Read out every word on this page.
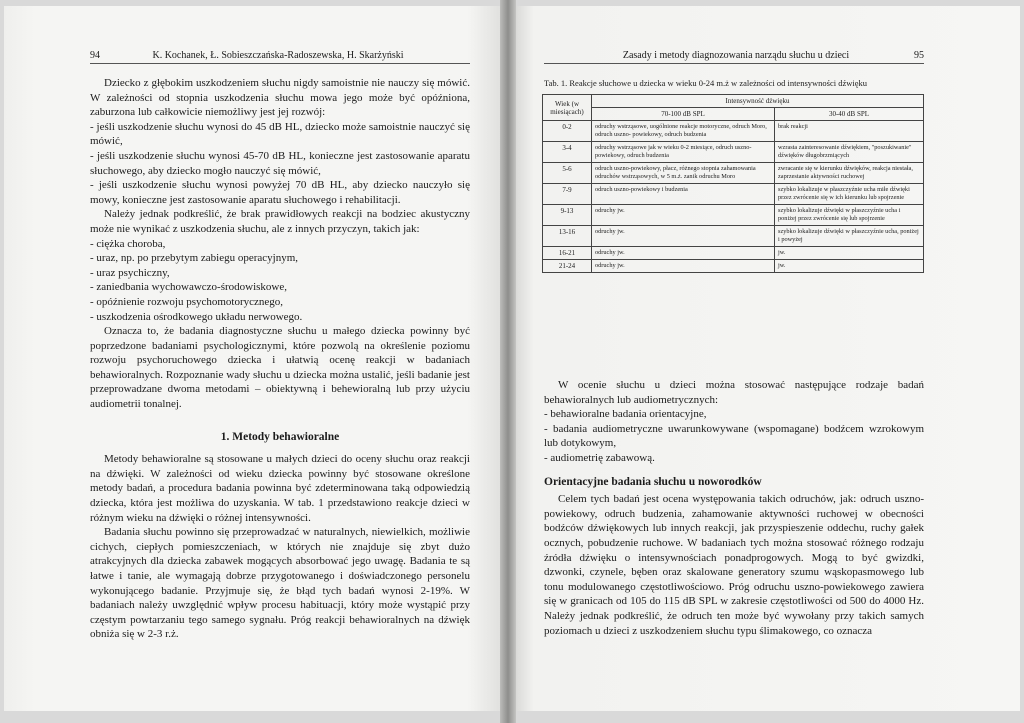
94	K. Kochanek, Ł. Sobieszczańska-Radoszewska, H. Skarżyński

Dziecko z głębokim uszkodzeniem słuchu nigdy samoistnie nie nauczy się mówić. W zależności od stopnia uszkodzenia słuchu mowa jego może być opóźniona, zaburzona lub całkowicie niemożliwy jest jej rozwój:

- jeśli uszkodzenie słuchu wynosi do 45 dB HL, dziecko może samoistnie nauczyć się mówić,

- jeśli uszkodzenie słuchu wynosi 45-70 dB HL, konieczne jest zastosowanie aparatu słuchowego, aby dziecko mogło nauczyć się mówić,

- jeśli uszkodzenie słuchu wynosi powyżej 70 dB HL, aby dziecko nauczyło się mowy, konieczne jest zastosowanie aparatu słuchowego i rehabilitacji.

Należy jednak podkreślić, że brak prawidłowych reakcji na bodziec akustyczny może nie wynikać z uszkodzenia słuchu, ale z innych przyczyn, takich jak:

- ciężka choroba,

- uraz, np. po przebytym zabiegu operacyjnym,

- uraz psychiczny,

- zaniedbania wychowawczo-środowiskowe,

- opóźnienie rozwoju psychomotorycznego,

- uszkodzenia ośrodkowego układu nerwowego.

Oznacza to, że badania diagnostyczne słuchu u małego dziecka powinny być poprzedzone badaniami psychologicznymi, które pozwolą na określenie poziomu rozwoju psychoruchowego dziecka i ułatwią ocenę reakcji w badaniach behawioralnych. Rozpoznanie wady słuchu u dziecka można ustalić, jeśli badanie jest przeprowadzane dwoma metodami – obiektywną i behewioralną lub przy użyciu audiometrii tonalnej.

1. Metody behawioralne

Metody behawioralne są stosowane u małych dzieci do oceny słuchu oraz reakcji na dźwięki. W zależności od wieku dziecka powinny być stosowane określone metody badań, a procedura badania powinna być zdeterminowana taką odpowiedzią dziecka, która jest możliwa do uzyskania. W tab. 1 przedstawiono reakcje dzieci w różnym wieku na dźwięki o różnej intensywności.

Badania słuchu powinno się przeprowadzać w naturalnych, niewielkich, możliwie cichych, ciepłych pomieszczeniach, w których nie znajduje się zbyt dużo atrakcyjnych dla dziecka zabawek mogących absorbować jego uwagę. Badania te są łatwe i tanie, ale wymagają dobrze przygotowanego i doświadczonego personelu wykonującego badanie. Przyjmuje się, że błąd tych badań wynosi 2-19%. W badaniach należy uwzględnić wpływ procesu habituacji, który może wystąpić przy częstym powtarzaniu tego samego sygnału. Próg reakcji behawioralnych na dźwięk obniża się w 2-3 r.ż.

Zasady i metody diagnozowania narządu słuchu u dzieci	95
Tab. 1. Reakcje słuchowe u dziecka w wieku 0-24 m.ż w zależności od intensywności dźwięku
Wiek (w miesiącach)	Intensywność dźwięku	
	70-100 dB SPL	30-40 dB SPL
0-2	odruchy wstrząsowe, uogólnione reakcje motoryczne, odruch Moro, odruch uszno- powiekowy, odruch budzenia	brak reakcji
3-4	odruchy wstrząsowe jak w wieku 0-2 miesiące, odruch uszno-powiekowy, odruch budzenia	wzrasta zainteresowanie dźwiękiem, "poszukiwanie" dźwięków długobrzmiących
5-6	odruch uszno-powiekowy, płacz, różnego stopnia zahamowania odruchów wstrząsowych, w 5 m.ż. zanik odruchu Moro	zwracanie się w kierunku dźwięków, reakcja niestała, zaprzestanie aktywności ruchowej
7-9	odruch uszno-powiekowy i budzenia	szybko lokalizuje w płaszczyźnie ucha miłe dźwięki przez zwrócenie się w ich kierunku lub spojrzenie
9-13	odruchy jw.	szybko lokalizuje dźwięki w płaszczyźnie ucha i poniżej przez zwrócenie się lub spojrzenie
13-16	odruchy jw.	szybko lokalizuje dźwięki w płaszczyźnie ucha, poniżej i powyżej
16-21	odruchy jw.	jw.
21-24	odruchy jw.	jw.

W ocenie słuchu u dzieci można stosować następujące rodzaje badań behawioralnych lub audiometrycznych:

- behawioralne badania orientacyjne,

- badania audiometryczne uwarunkowywane (wspomagane) bodźcem wzrokowym lub dotykowym,

- audiometrię zabawową.

Orientacyjne badania słuchu u noworodków

Celem tych badań jest ocena występowania takich odruchów, jak: odruch uszno-powiekowy, odruch budzenia, zahamowanie aktywności ruchowej w obecności bodźców dźwiękowych lub innych reakcji, jak przyspieszenie oddechu, ruchy gałek ocznych, pobudzenie ruchowe. W badaniach tych można stosować różnego rodzaju źródła dźwięku o intensywnościach ponadprogowych. Mogą to być gwizdki, dzwonki, czynele, bęben oraz skalowane generatory szumu wąskopasmowego lub tonu modulowanego częstotliwościowo. Próg odruchu uszno-powiekowego zawiera się w granicach od 105 do 115 dB SPL w zakresie częstotliwości od 500 do 4000 Hz. Należy jednak podkreślić, że odruch ten może być wywołany przy takich samych poziomach u dzieci z uszkodzeniem słuchu typu ślimakowego, co oznacza
